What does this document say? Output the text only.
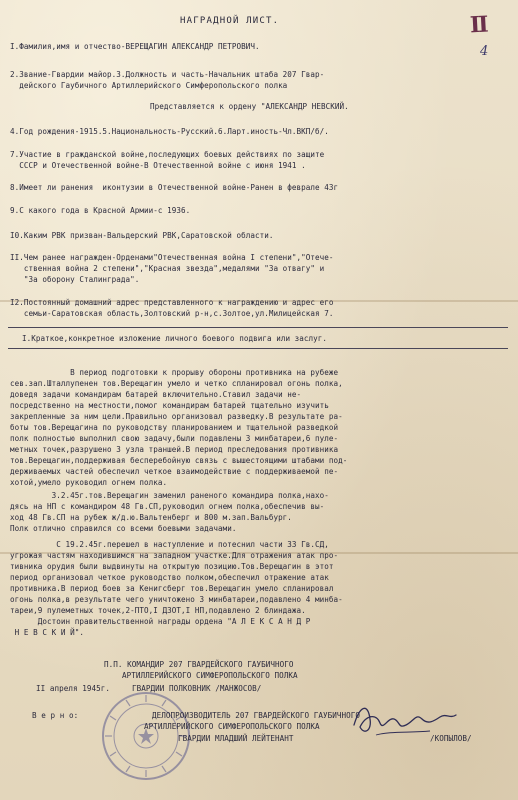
II
4
НАГРАДНОЙ ЛИСТ.
I.Фамилия,имя и отчество-ВЕРЕЩАГИН АЛЕКСАНДР ПЕТРОВИЧ.
2.Звание-Гвардии майор.3.Должность и часть-Начальник штаба 207 Гвар-
дейского Гаубичного Артиллерийского Симферопольского полка
Представляется к ордену "АЛЕКСАНДР НЕВСКИЙ.
4.Год рождения-1915.5.Национальность-Русский.6.Ларт.иность-Чл.ВКП/б/.
7.Участие в гражданской войне,последующих боевых действиях по защите
СССР и Отечественной войне-В Отечественной войне с июня 1941 .
8.Имеет ли ранения  иконтузии в Отечественной войне-Ранен в феврале 43г
9.С какого года в Красной Армии-с 1936.
I0.Каким РВК призван-Вальдерский РВК,Саратовской области.
II.Чем ранее награжден-Орденами"Отечественная война I степени","Отече-
ственная война 2 степени","Красная звезда",медалями "За отвагу" и
"За оборону Сталинграда".
I2.Постоянный домашний адрес представленного к награждению и адрес его
семьи-Саратовская область,Золтовский р-н,с.Золтое,ул.Милицейская 7.
I.Краткое,конкретное изложение личного боевого подвига или заслуг.
В период подготовки к прорыву обороны противника на рубеже
сев.зап.Шталлупенен тов.Верещагин умело и четко спланировал огонь полка,
доведя задачи командирам батарей включительно.Ставил задачи не-
посредственно на местности,помог командирам батарей тщательно изучить
закрепленные за ним цели.Правильно организовал разведку.В результате ра-
боты тов.Верещагина по руководству планированием и тщательной разведкой
полк полностью выполнил свою задачу,были подавлены 3 минбатареи,6 пуле-
метных точек,разрушено 3 узла траншей.В период преследования противника
тов.Верещагин,поддерживая бесперебойную связь с вышестоящими штабами под-
держиваемых частей обеспечил четкое взаимодействие с поддерживаемой пе-
хотой,умело руководил огнем полка.
3.2.45г.тов.Верещагин заменил раненого командира полка,нахо-
дясь на НП с командиром 48 Гв.СП,руководил огнем полка,обеспечив вы-
ход 48 Гв.СП на рубеж ж/д.ю.Вальтенберг и 800 м.зап.Вальбург.
Полк отлично справился со всеми боевыми задачами.
С 19.2.45г.перешел в наступление и потеснил части 33 Гв.СД,
угрожая частям находившимся на западном участке.Для отражения атак про-
тивника орудия были выдвинуты на открытую позицию.Тов.Верещагин в этот
период организовал четкое руководство полком,обеспечил отражение атак
противника.В период боев за Кенигсберг тов.Верещагин умело спланировал
огонь полка,в результате чего уничтожено 3 минбатареи,подавлено 4 минба-
тареи,9 пулеметных точек,2-ПТО,I ДЗОТ,I НП,подавлено 2 блиндажа.
Достоин правительственной награды ордена "А Л Е К С А Н Д Р
Н Е В С К И Й".
П.П. КОМАНДИР 207 ГВАРДЕЙСКОГО ГАУБИЧНОГО
АРТИЛЛЕРИЙСКОГО СИМФЕРОПОЛЬСКОГО ПОЛКА
II апреля 1945г.	ГВАРДИИ ПОЛКОВНИК /МАНЖОСОВ/
В е р н о:	ДЕЛОПРОИЗВОДИТЕЛЬ 207 ГВАРДЕЙСКОГО ГАУБИЧНОГО
АРТИЛЛЕРИЙСКОГО СИМФЕРОПОЛЬСКОГО ПОЛКА
ГВАРДИИ МЛАДШИЙ ЛЕЙТЕНАНТ	/КОПЫЛОВ/
